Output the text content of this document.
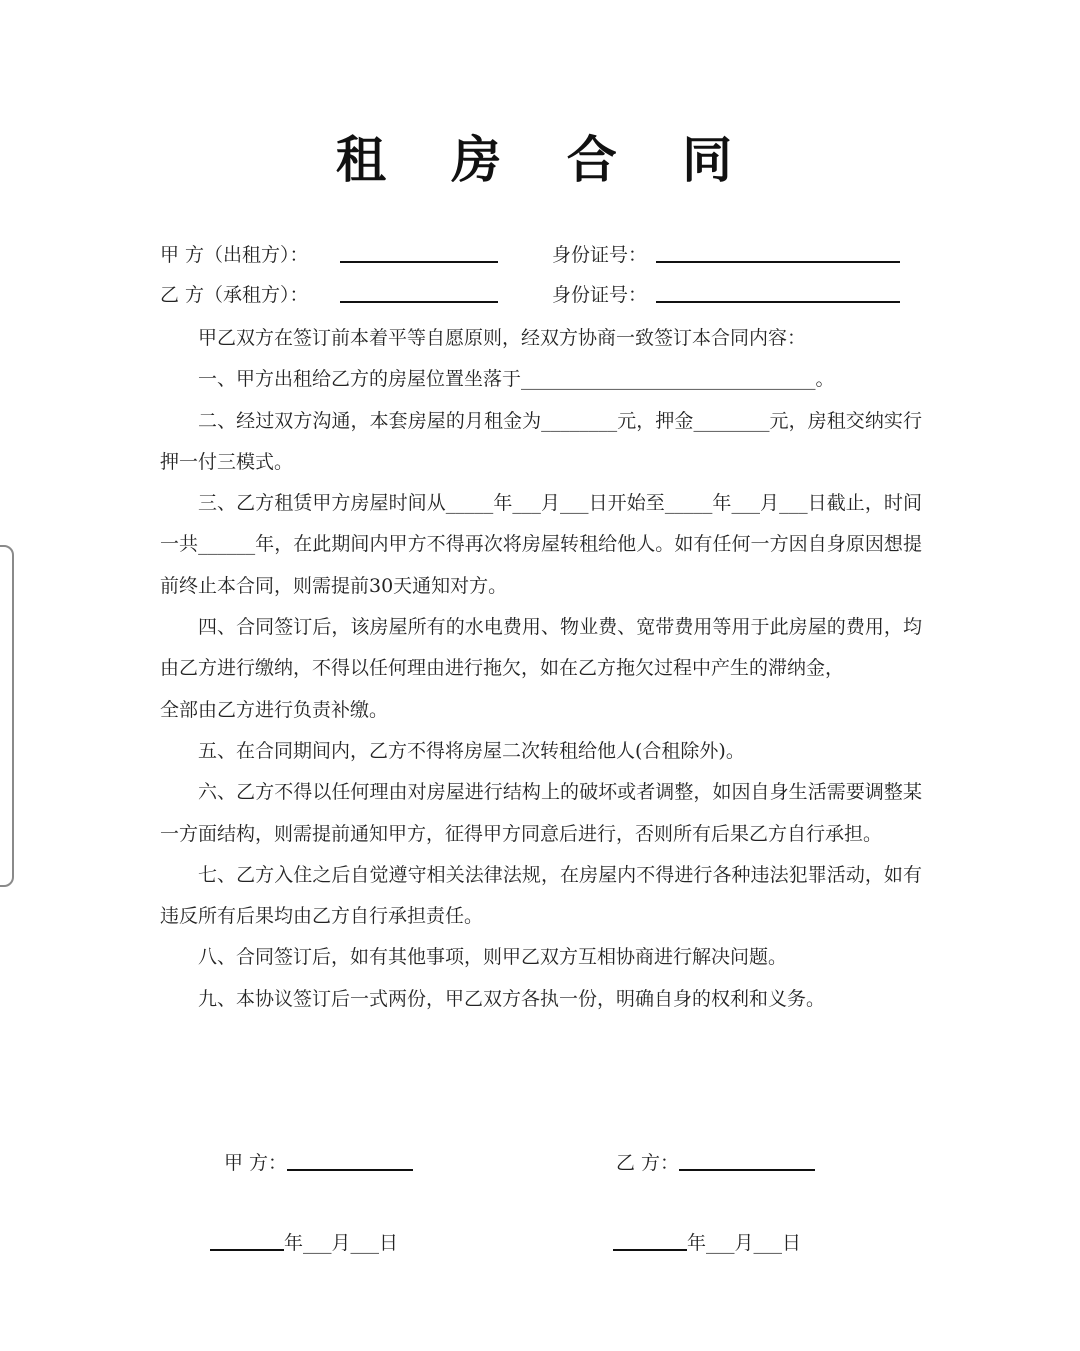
租 房 合 同
甲 方（出租方）：	身份证号：
乙 方（承租方）：	身份证号：

甲乙双方在签订前本着平等自愿原则，经双方协商一致签订本合同内容：

一、甲方出租给乙方的房屋位置坐落于_______________________________。

二、经过双方沟通，本套房屋的月租金为________元，押金________元，房租交纳实行押一付三模式。

三、乙方租赁甲方房屋时间从_____年___月___日开始至_____年___月___日截止，时间一共______年，在此期间内甲方不得再次将房屋转租给他人。如有任何一方因自身原因想提前终止本合同，则需提前30天通知对方。

四、合同签订后，该房屋所有的水电费用、物业费、宽带费用等用于此房屋的费用，均由乙方进行缴纳，不得以任何理由进行拖欠，如在乙方拖欠过程中产生的滞纳金，

全部由乙方进行负责补缴。

五、在合同期间内，乙方不得将房屋二次转租给他人(合租除外)。

六、乙方不得以任何理由对房屋进行结构上的破坏或者调整，如因自身生活需要调整某一方面结构，则需提前通知甲方，征得甲方同意后进行，否则所有后果乙方自行承担。

七、乙方入住之后自觉遵守相关法律法规，在房屋内不得进行各种违法犯罪活动，如有违反所有后果均由乙方自行承担责任。

八、合同签订后，如有其他事项，则甲乙双方互相协商进行解决问题。

九、本协议签订后一式两份，甲乙双方各执一份，明确自身的权利和义务。

甲 方：	乙 方：
年___月___日	年___月___日
